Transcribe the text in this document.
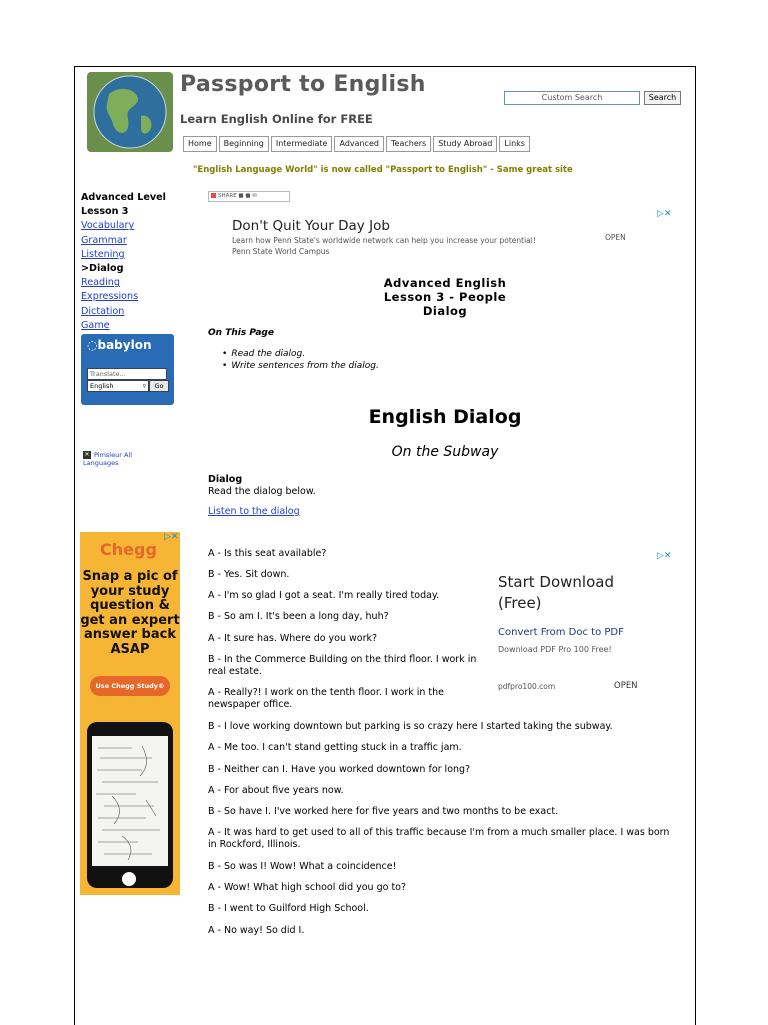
Passport to English
Learn English Online for FREE
Custom Search	Search
Home	Beginning	Intermediate	Advanced	Teachers	Study Abroad	Links
"English Language World" is now called "Passport to English" - Same great site
Advanced Level
Lesson 3
Vocabulary
Grammar
Listening
>Dialog
Reading
Expressions
Dictation
Game
◌babylon
Translate...
English	▿	Go
✕ Pimsleur All Languages
SHARE ■ ■ ✉
▷✕
Don't Quit Your Day Job
Learn how Penn State's worldwide network can help you increase your potential!
Penn State World Campus
OPEN
Advanced English
Lesson 3 - People
Dialog
On This Page
• Read the dialog.
• Write sentences from the dialog.
English Dialog
On the Subway
Dialog
Read the dialog below.
Listen to the dialog
A - Is this seat available?
B - Yes. Sit down.
A - I'm so glad I got a seat. I'm really tired today.
B - So am I. It's been a long day, huh?
A - It sure has. Where do you work?
B - In the Commerce Building on the third floor. I work in real estate.
A - Really?! I work on the tenth floor. I work in the newspaper office.
B - I love working downtown but parking is so crazy here I started taking the subway.
A - Me too. I can't stand getting stuck in a traffic jam.
B - Neither can I. Have you worked downtown for long?
A - For about five years now.
B - So have I. I've worked here for five years and two months to be exact.
A - It was hard to get used to all of this traffic because I'm from a much smaller place. I was born in Rockford, Illinois.
B - So was I! Wow! What a coincidence!
A - Wow! What high school did you go to?
B - I went to Guilford High School.
A - No way! So did I.
▷✕
Chegg
Snap a pic of your study question & get an expert answer back ASAP
Use Chegg Study®
▷✕
Start Download (Free)
Convert From Doc to PDF
Download PDF Pro 100 Free!
pdfpro100.com	OPEN
